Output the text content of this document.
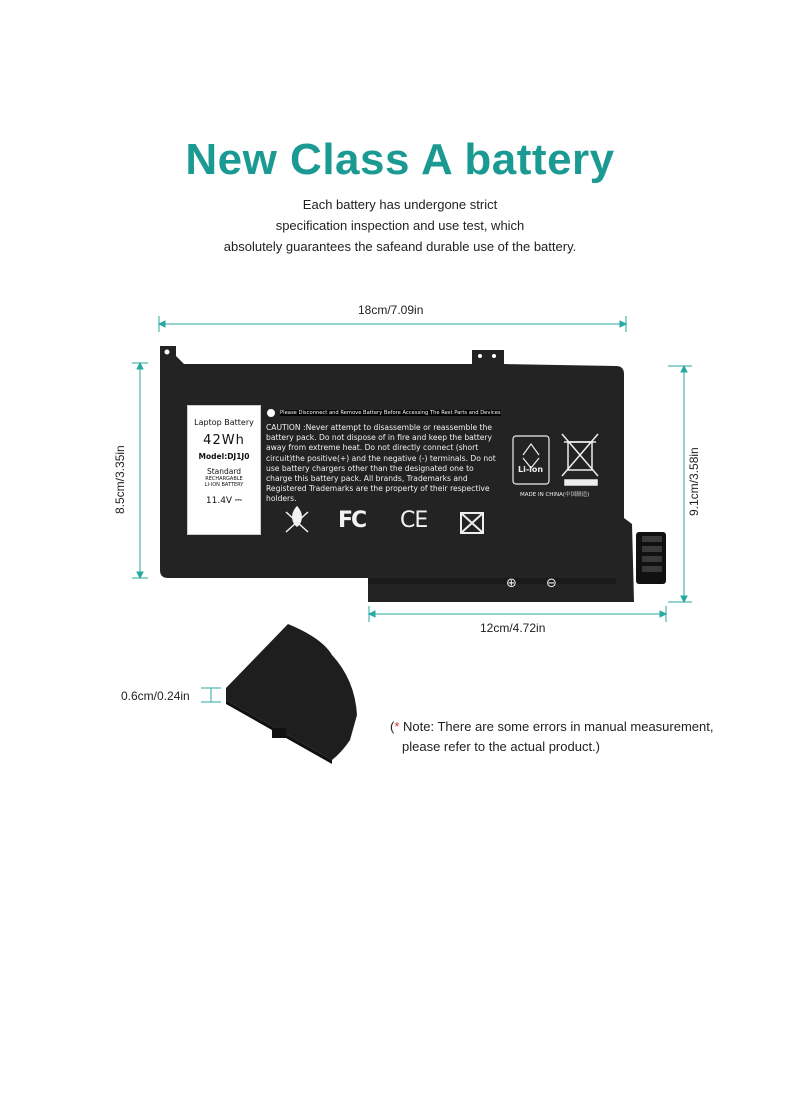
New Class A battery
Each battery has undergone strict
specification inspection and use test, which
absolutely guarantees the safeand durable use of the battery.
18cm/7.09in
8.5cm/3.35in	9.1cm/3.58in
12cm/4.72in
0.6cm/0.24in
Laptop Battery
42Wh
Model:DJ1J0
Standard
RECHARGABLE
LI-ION BATTERY
11.4V ⎓
Please Disconnect and Remove Battery Before Accessing The Rest Parts and Devices
CAUTION :Never attempt to disassemble or reassemble the battery pack. Do not dispose of in fire and keep the battery away from extreme heat. Do not directly connect (short circuit)the positive(+) and the negative (-) terminals. Do not use battery chargers other than the designated one to charge this battery pack. All brands, Trademarks and Registered Trademarks are the property of their respective holders.
Li-ion
MADE IN CHINA(中国制造)
FC CE
⊕ ⊖
(* Note: There are some errors in manual measurement,
please refer to the actual product.)
